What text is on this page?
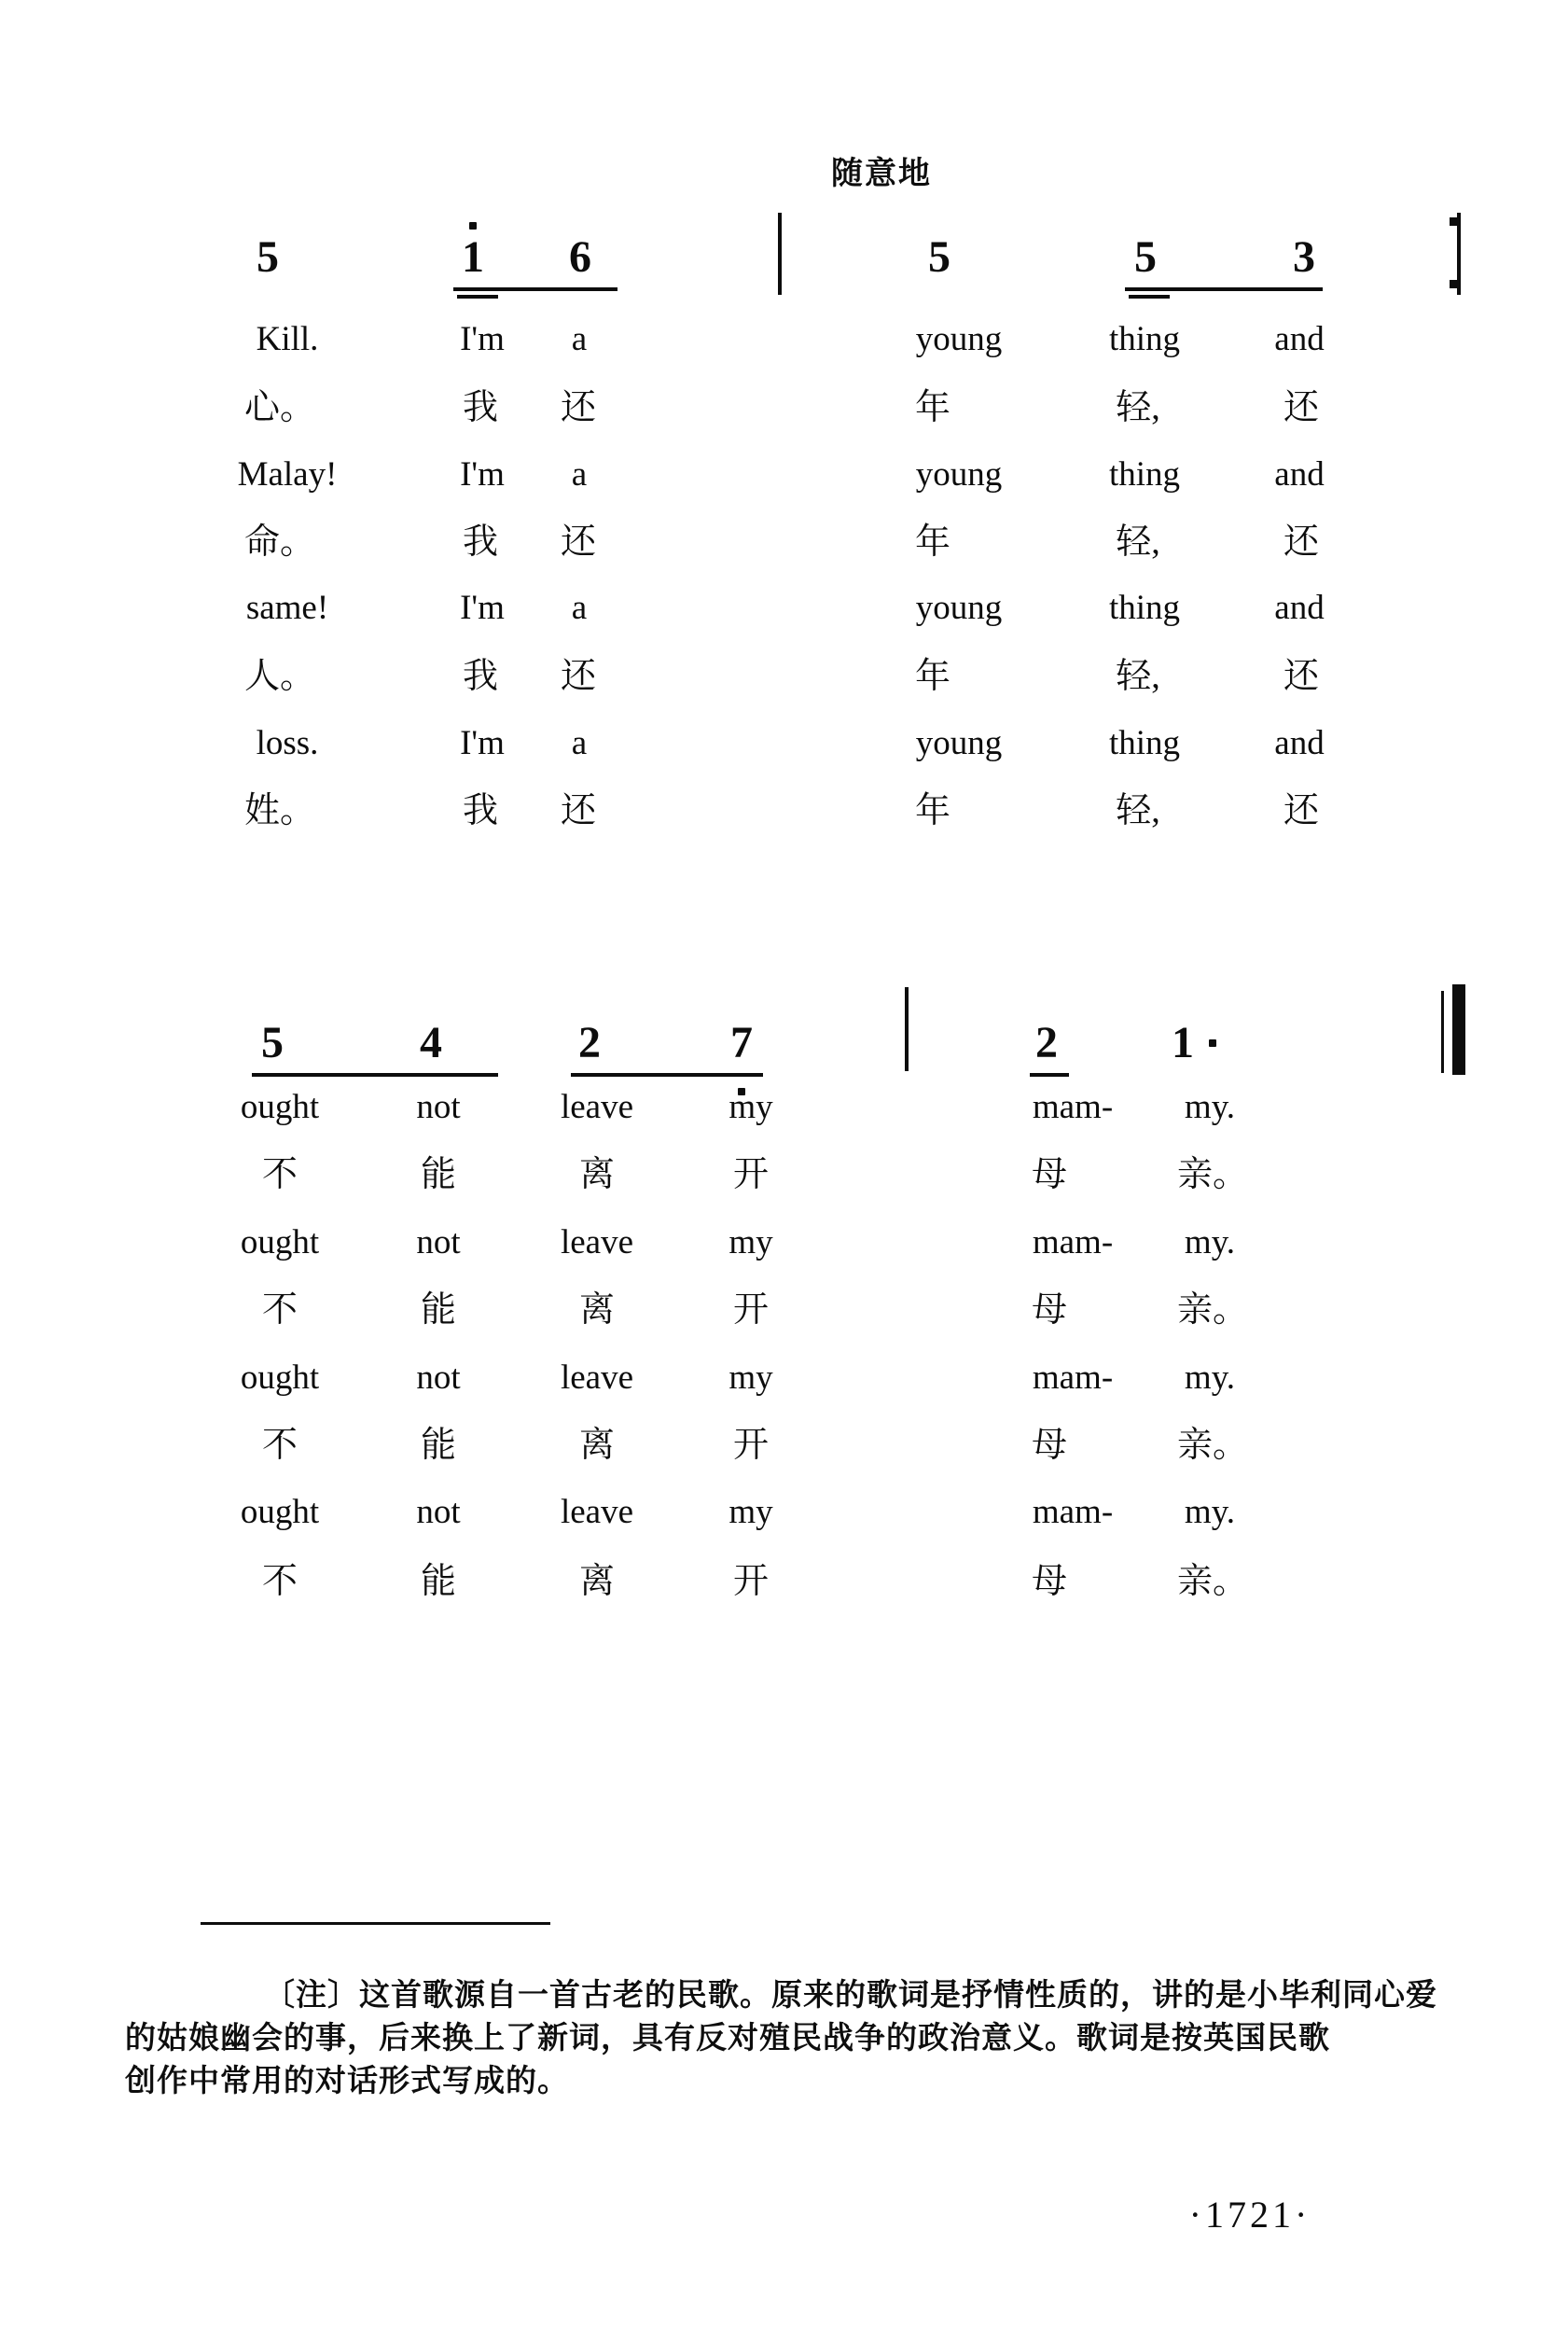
随意地
5	1	6	5	5	3
Kill.	I'm	a	young	thing	and
心。	我	还	年	轻,	还
Malay!	I'm	a	young	thing	and
命。	我	还	年	轻,	还
same!	I'm	a	young	thing	and
人。	我	还	年	轻,	还
loss.	I'm	a	young	thing	and
姓。	我	还	年	轻,	还
5	4	2	7	2	1
ought	not	leave	my	mam-	my.
不	能	离	开	母	亲。
ought	not	leave	my	mam-	my.
不	能	离	开	母	亲。
ought	not	leave	my	mam-	my.
不	能	离	开	母	亲。
ought	not	leave	my	mam-	my.
不	能	离	开	母	亲。
〔注〕这首歌源自一首古老的民歌。原来的歌词是抒情性质的，讲的是小毕利同心爱
的姑娘幽会的事，后来换上了新词，具有反对殖民战争的政治意义。歌词是按英国民歌
创作中常用的对话形式写成的。
·1721·
